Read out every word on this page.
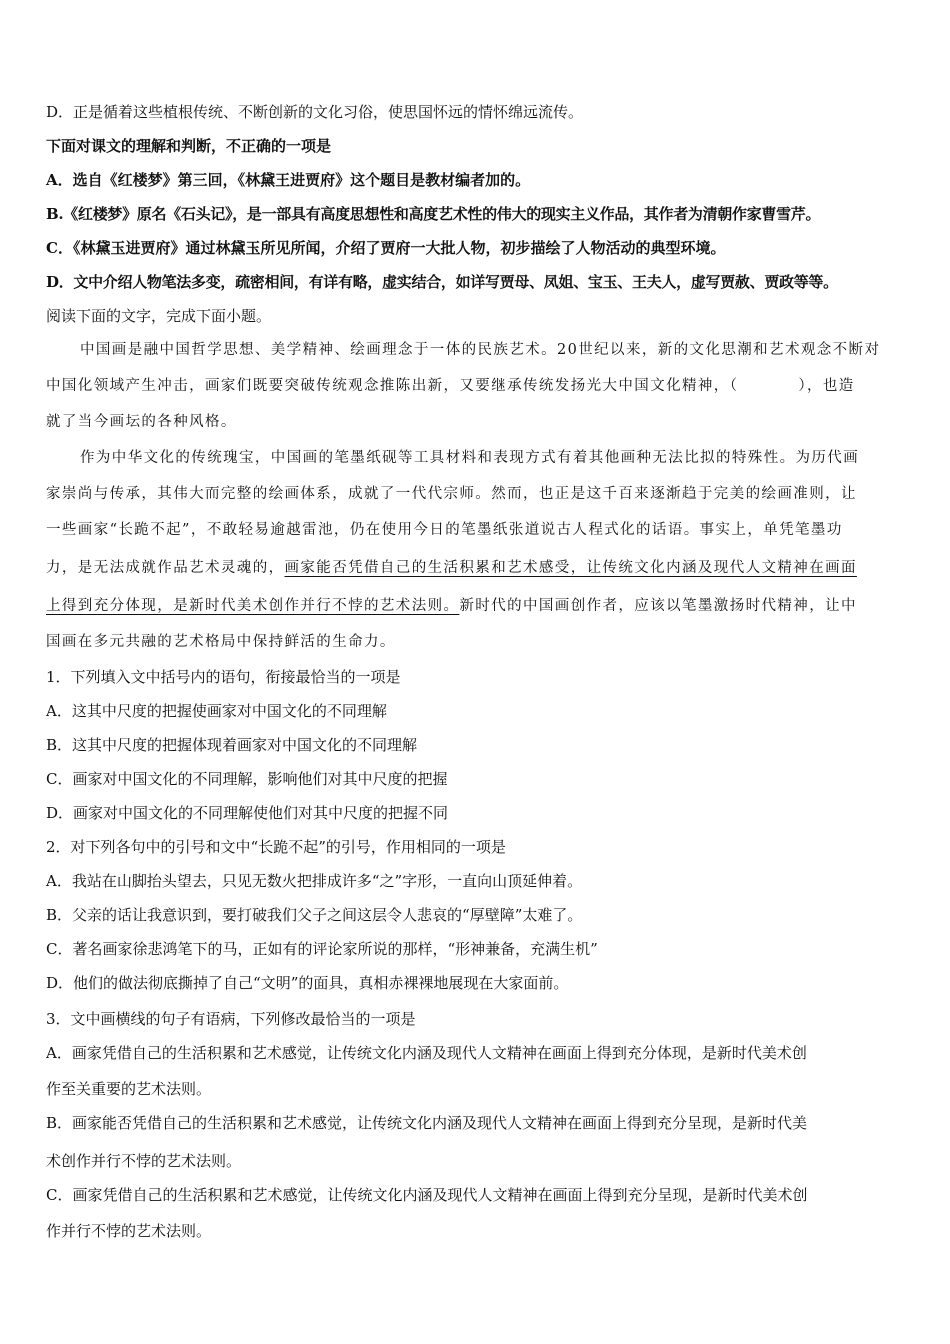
D．正是循着这些植根传统、不断创新的文化习俗，使思国怀远的情怀绵远流传。
下面对课文的理解和判断，不正确的一项是
A．选自《红楼梦》第三回，《林黛王进贾府》这个题目是教材编者加的。
B.《红楼梦》原名《石头记》，是一部具有高度思想性和高度艺术性的伟大的现实主义作品，其作者为清朝作家曹雪芹。
C．《林黛玉进贾府》通过林黛玉所见所闻，介绍了贾府一大批人物，初步描绘了人物活动的典型环境。
D．文中介绍人物笔法多变，疏密相间，有详有略，虚实结合，如详写贾母、凤姐、宝玉、王夫人，虚写贾赦、贾政等等。
阅读下面的文字，完成下面小题。
中国画是融中国哲学思想、美学精神、绘画理念于一体的民族艺术。20世纪以来，新的文化思潮和艺术观念不断对
中国化领域产生冲击，画家们既要突破传统观念推陈出新，又要继承传统发扬光大中国文化精神，（	），也造
就了当今画坛的各种风格。
作为中华文化的传统瑰宝，中国画的笔墨纸砚等工具材料和表现方式有着其他画种无法比拟的特殊性。为历代画
家崇尚与传承，其伟大而完整的绘画体系，成就了一代代宗师。然而，也正是这千百来逐渐趋于完美的绘画准则，让
一些画家“长跪不起”，不敢轻易逾越雷池，仍在使用今日的笔墨纸张道说古人程式化的话语。事实上，单凭笔墨功
力，是无法成就作品艺术灵魂的，画家能否凭借自己的生活积累和艺术感受，让传统文化内涵及现代人文精神在画面
上得到充分体现，是新时代美术创作并行不悖的艺术法则。新时代的中国画创作者，应该以笔墨激扬时代精神，让中
国画在多元共融的艺术格局中保持鲜活的生命力。
1．下列填入文中括号内的语句，衔接最恰当的一项是
A．这其中尺度的把握使画家对中国文化的不同理解
B．这其中尺度的把握体现着画家对中国文化的不同理解
C．画家对中国文化的不同理解，影响他们对其中尺度的把握
D．画家对中国文化的不同理解使他们对其中尺度的把握不同
2．对下列各句中的引号和文中“长跪不起”的引号，作用相同的一项是
A．我站在山脚抬头望去，只见无数火把排成许多“之”字形，一直向山顶延伸着。
B．父亲的话让我意识到，要打破我们父子之间这层令人悲哀的“厚壁障”太难了。
C．著名画家徐悲鸿笔下的马，正如有的评论家所说的那样，“形神兼备，充满生机”
D．他们的做法彻底撕掉了自己“文明”的面具，真相赤裸裸地展现在大家面前。
3．文中画横线的句子有语病，下列修改最恰当的一项是
A．画家凭借自己的生活积累和艺术感觉，让传统文化内涵及现代人文精神在画面上得到充分体现，是新时代美术创
作至关重要的艺术法则。
B．画家能否凭借自己的生活积累和艺术感觉，让传统文化内涵及现代人文精神在画面上得到充分呈现，是新时代美
术创作并行不悖的艺术法则。
C．画家凭借自己的生活积累和艺术感觉，让传统文化内涵及现代人文精神在画面上得到充分呈现，是新时代美术创
作并行不悖的艺术法则。
